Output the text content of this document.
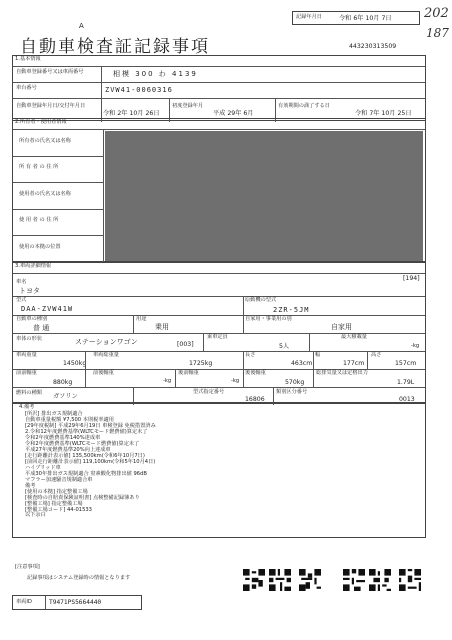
A
記録年月日	令和 6年 10月 7日 202
187
自動車検査証記録事項	443230313509
1.基本情報
自動車登録番号又は車両番号	相模 300 わ 4139
車台番号	ZVW41-0060316
自動車登録年月日/交付年月日
令和 2年 10月 26日
初度登録年月
平成 29年 6月
有効期間の満了する日
令和 7年 10月 25日
2.所有者・使用者情報
所有者の氏名又は名称
所 有 者 の 住 所
使用者の氏名又は名称
使 用 者 の 住 所
使用の本拠の位置
3.車両詳細情報
[194]
車名
トヨタ
型式
DAA-ZVW41W
原動機の型式
2ZR-5JM
自動車の種別
普 通
用途
乗用
自家用・事業用の別
自家用
車体の形状	ステーションワゴン	[003]
乗車定員
5人
最大積載量
-kg
車両重量
1450kg
車両総重量
1725kg
長さ
463cm
幅
177cm
高さ
157cm
前前軸重
880kg
前後軸重
-kg
後前軸重
-kg
後後軸重
570kg
総排気量又は定格出力
1.79L
燃料の種類 ガソリン
型式指定番号
16806
類別区分番号
0013
4.備考
[所沢] 排出ガス規制適合
自動車重量税額 ¥7,500 本則税率適用
[29年度税制] 平成29年6月19日 車検登録 免税措置済み
2.令和12年度燃費基準(WLTCモード燃費値)算定未了
令和2年度燃費基準140%達成車
令和2年度燃費基準(WLTCモード燃費値)算定未了
平成27年度燃費基準20%向上達成車
[走行距離計表示値] 135,500km(令和6年10月7日)
[前回走行距離計表示値] 119,100km(令和5年10月4日)
ハイブリッド車
平成30年排出ガス規制適合 窒素酸化物排出値 96dB
マフラー加速騒音規制適合車
備考
[使用の本拠] 指定整備工場
[検査時の自賠責保険証明書] 点検整備記録簿あり
[整備工場] 指定整備工場
[整備工場コード] 44-01533
以下余白
[注意事項]
記録事項はシステム登録時の情報となります
車両ID	T9471PS5664440
